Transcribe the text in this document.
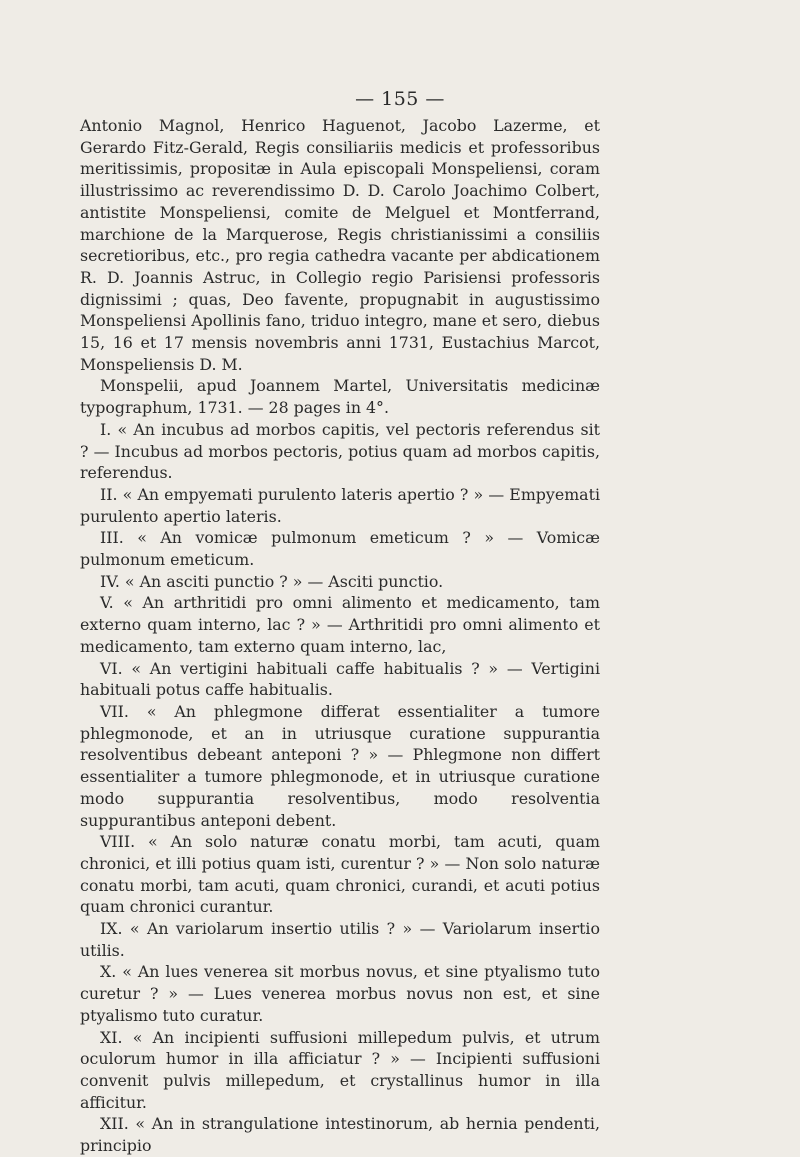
— 155 —

Antonio Magnol, Henrico Haguenot, Jacobo Lazerme, et Gerardo Fitz-Gerald, Regis consiliariis medicis et professoribus meritissimis, propositæ in Aula episcopali Monspeliensi, coram illustrissimo ac reverendissimo D. D. Carolo Joachimo Colbert, antistite Monspeliensi, comite de Melguel et Montferrand, marchione de la Marquerose, Regis christianissimi a consiliis secretioribus, etc., pro regia cathedra vacante per abdicationem R. D. Joannis Astruc, in Collegio regio Parisiensi professoris dignissimi ; quas, Deo favente, propugnabit in augustissimo Monspeliensi Apollinis fano, triduo integro, mane et sero, diebus 15, 16 et 17 mensis novembris anni 1731, Eustachius Marcot, Monspeliensis D. M.

Monspelii, apud Joannem Martel, Universitatis medicinæ typographum, 1731. — 28 pages in 4°.

I. « An incubus ad morbos capitis, vel pectoris referendus sit ? — Incubus ad morbos pectoris, potius quam ad morbos capitis, referendus.

II. « An empyemati purulento lateris apertio ? » — Empyemati purulento apertio lateris.

III. « An vomicæ pulmonum emeticum ? » — Vomicæ pulmonum emeticum.

IV. « An asciti punctio ? » — Asciti punctio.

V. « An arthritidi pro omni alimento et medicamento, tam externo quam interno, lac ? » — Arthritidi pro omni alimento et medicamento, tam externo quam interno, lac,

VI. « An vertigini habituali caffe habitualis ? » — Vertigini habituali potus caffe habitualis.

VII. « An phlegmone differat essentialiter a tumore phlegmonode, et an in utriusque curatione suppurantia resolventibus debeant anteponi ? » — Phlegmone non differt essentialiter a tumore phlegmonode, et in utriusque curatione modo suppurantia resolventibus, modo resolventia suppurantibus anteponi debent.

VIII. « An solo naturæ conatu morbi, tam acuti, quam chronici, et illi potius quam isti, curentur ? » — Non solo naturæ conatu morbi, tam acuti, quam chronici, curandi, et acuti potius quam chronici curantur.

IX. « An variolarum insertio utilis ? » — Variolarum insertio utilis.

X. « An lues venerea sit morbus novus, et sine ptyalismo tuto curetur ? » — Lues venerea morbus novus non est, et sine ptyalismo tuto curatur.

XI. « An incipienti suffusioni millepedum pulvis, et utrum oculorum humor in illa afficiatur ? » — Incipienti suffusioni convenit pulvis millepedum, et crystallinus humor in illa afficitur.

XII. « An in strangulatione intestinorum, ab hernia pendenti, principio
